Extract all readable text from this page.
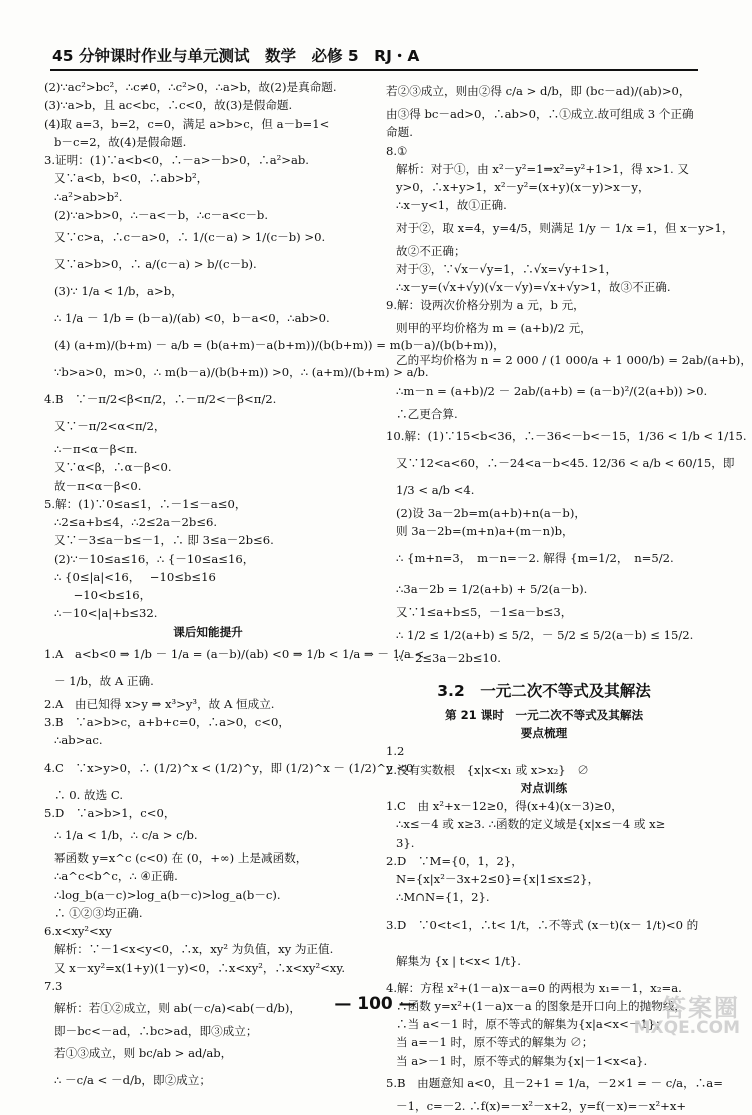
45 分钟课时作业与单元测试　数学　必修 5　RJ・A
(2)∵ac²>bc²，∴c≠0，∴c²>0，∴a>b，故(2)是真命题.
(3)∵a>b，且 ac<bc，∴c<0，故(3)是假命题.
(4)取 a=3，b=2，c=0，满足 a>b>c，但 a－b=1<
b－c=2，故(4)是假命题.
3.证明：(1)∵a<b<0，∴－a>－b>0，∴a²>ab.
又∵a<b，b<0，∴ab>b²，
∴a²>ab>b².
(2)∵a>b>0，∴－a<－b，∴c－a<c－b.
又∵c>a，∴c－a>0，∴ 1/(c－a) > 1/(c－b) >0.
又∵a>b>0，∴ a/(c－a) > b/(c－b).
(3)∵ 1/a < 1/b，a>b，
∴ 1/a － 1/b = (b－a)/(ab) <0，b－a<0，∴ab>0.
(4) (a+m)/(b+m) － a/b = (b(a+m)－a(b+m))/(b(b+m)) = m(b－a)/(b(b+m))，
∵b>a>0，m>0，∴ m(b－a)/(b(b+m)) >0，∴ (a+m)/(b+m) > a/b.
4.B　∵－π/2<β<π/2，∴－π/2<－β<π/2.
又∵－π/2<α<π/2，
∴－π<α－β<π.
又∵α<β，∴α－β<0.
故－π<α－β<0.
5.解：(1)∵0≤a≤1，∴－1≤－a≤0，
∴2≤a+b≤4，∴2≤2a－2b≤6.
又∵－3≤a－b≤－1，∴ 即 3≤a－2b≤6.
(2)∵－10≤a≤16，∴ {－10≤a≤16，
∴ {0≤|a|<16，　 −10≤b≤16
　−10<b≤16，
∴－10<|a|+b≤32.
课后知能提升
1.A　a<b<0 ⇒ 1/b － 1/a = (a－b)/(ab) <0 ⇒ 1/b < 1/a ⇒ － 1/a <
－ 1/b，故 A 正确.
2.A　由已知得 x>y ⇒ x³>y³，故 A 恒成立.
3.B　∵a>b>c，a+b+c=0，∴a>0，c<0，
∴ab>ac.
4.C　∵x>y>0，∴ (1/2)^x < (1/2)^y，即 (1/2)^x － (1/2)^y <0
∴ 0. 故选 C.
5.D　∵a>b>1，c<0，
∴ 1/a < 1/b，∴ c/a > c/b.
幂函数 y=x^c (c<0) 在 (0，+∞) 上是减函数，
∴a^c<b^c，∴ ④正确.
∴log_b(a－c)>log_a(b－c)>log_a(b－c).
∴ ①②③均正确.
6.x<xy²<xy
解析：∵－1<x<y<0，∴x，xy² 为负值，xy 为正值.
又 x－xy²=x(1+y)(1－y)<0，∴x<xy²，∴x<xy²<xy.
7.3
解析：若①②成立，则 ab(－c/a)<ab(－d/b)，
即－bc<－ad，∴bc>ad，即③成立；
若①③成立，则 bc/ab > ad/ab，
∴ －c/a < －d/b，即②成立；
若②③成立，则由②得 c/a > d/b，即 (bc－ad)/(ab)>0，
由③得 bc－ad>0，∴ab>0，∴①成立.故可组成 3 个正确
命题.
8.①
解析：对于①，由 x²－y²=1⇒x²=y²+1>1，得 x>1. 又
y>0，∴x+y>1，x²－y²=(x+y)(x－y)>x－y，
∴x－y<1，故①正确.
对于②，取 x=4，y=4/5，则满足 1/y － 1/x =1，但 x－y>1，
故②不正确；
对于③，∵√x－√y=1，∴√x=√y+1>1，
∴x－y=(√x+√y)(√x－√y)=√x+√y>1，故③不正确.
9.解：设两次价格分别为 a 元，b 元，
则甲的平均价格为 m = (a+b)/2 元，
乙的平均价格为 n = 2 000 / (1 000/a + 1 000/b) = 2ab/(a+b)，
∴m－n = (a+b)/2 － 2ab/(a+b) = (a－b)²/(2(a+b)) >0.
∴乙更合算.
10.解：(1)∵15<b<36，∴－36<－b<－15，1/36 < 1/b < 1/15.
又∵12<a<60，∴－24<a－b<45. 12/36 < a/b < 60/15，即
1/3 < a/b <4.
(2)设 3a－2b=m(a+b)+n(a－b)，
则 3a－2b=(m+n)a+(m－n)b，
∴ {m+n=3，　m－n=－2. 解得 {m=1/2，　n=5/2.
∴3a－2b = 1/2(a+b) + 5/2(a－b).
又∵1≤a+b≤5，－1≤a－b≤3，
∴ 1/2 ≤ 1/2(a+b) ≤ 5/2，－ 5/2 ≤ 5/2(a－b) ≤ 15/2.
∴－2≤3a－2b≤10.
3.2　一元二次不等式及其解法
第 21 课时　一元二次不等式及其解法
要点梳理
1.2
2.没有实数根　{x|x<x₁ 或 x>x₂}　∅
对点训练
1.C　由 x²+x－12≥0，得(x+4)(x－3)≥0，
∴x≤－4 或 x≥3. ∴函数的定义域是{x|x≤－4 或 x≥
3}.
2.D　∵M={0，1，2}，
N={x|x²－3x+2≤0}={x|1≤x≤2}，
∴M∩N={1，2}.
3.D　∵0<t<1，∴t< 1/t，∴不等式 (x－t)(x－ 1/t)<0 的
解集为 {x | t<x< 1/t}.
4.解：方程 x²+(1－a)x－a=0 的两根为 x₁=－1，x₂=a.
∴函数 y=x²+(1－a)x－a 的图象是开口向上的抛物线，
∴当 a<－1 时，原不等式的解集为{x|a<x<－1}；
当 a=－1 时，原不等式的解集为 ∅；
当 a>－1 时，原不等式的解集为{x|－1<x<a}.
5.B　由题意知 a<0，且－2+1 = 1/a，－2×1 = － c/a，∴a=
－1，c=－2. ∴f(x)=－x²－x+2，y=f(－x)=－x²+x+
— 100 —	答案圈
MXQE.COM
